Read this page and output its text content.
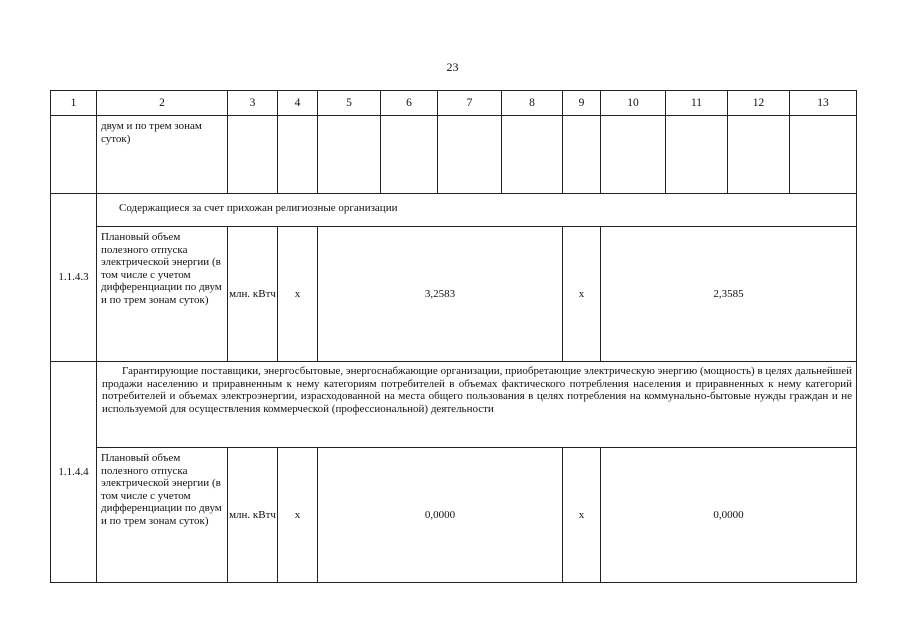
23
1	2	3	4	5	6	7	8	9	10	11	12	13
	двум и по трем зонам суток)											
1.1.4.3	Содержащиеся за счет прихожан религиозные организации											
	Плановый объем полезного отпуска электрической энергии (в том числе с учетом дифференциации по двум и по трем зонам суток)	млн. кВтч	х	3,2583				х	2,3585			
1.1.4.4	Гарантирующие поставщики, энергосбытовые, энергоснабжающие организации, приобретающие электрическую энергию (мощность) в целях дальнейшей продажи населению и приравненным к нему категориям потребителей в объемах фактического потребления населения и приравненных к нему категорий потребителей и объемах электроэнергии, израсходованной на места общего пользования в целях потребления на коммунально-бытовые нужды граждан и не используемой для осуществления коммерческой (профессиональной) деятельности											
	Плановый объем полезного отпуска электрической энергии (в том числе с учетом дифференциации по двум и по трем зонам суток)	млн. кВтч	х	0,0000				х	0,0000			
